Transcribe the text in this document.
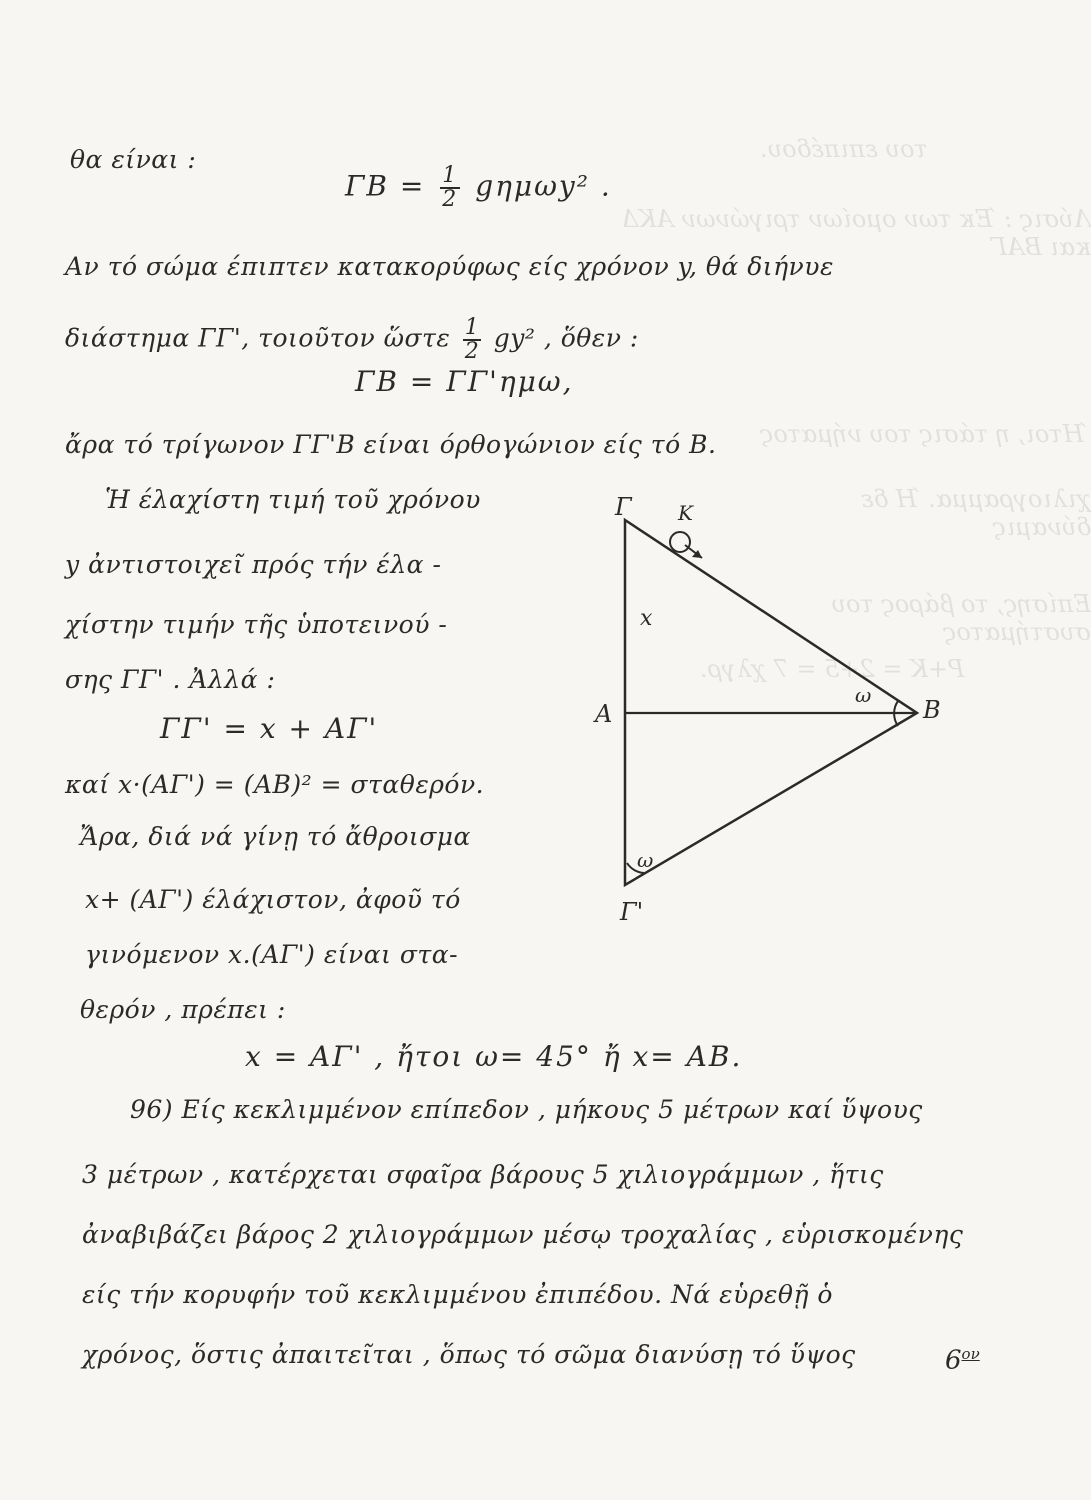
του επιπέδου.
Λύσις : Έκ των ομοίων τριγώνων ΑΚΔ και ΒΑΓ
Ήτοι, η τάσις του νήματος
χιλιογραμμα. Ή δε δύναμις
Επίσης, το βάρος του συστήματος
P+K = 2+5 = 7 χλγρ.
θα είναι :
$\Gamma B = \frac{1}{2} g\eta\mu\omega y^2$ .
Αν τό σώμα έπιπτεν κατακορύφως είς χρόνον y, θά διήνυε
διάστημα ΓΓ', τοιοῦτον ὥστε $\frac{1}{2} gy^2$ , ὅθεν :
ΓΒ = ΓΓ'ημω,
ἄρα τό τρίγωνον ΓΓ'Β είναι όρθογώνιον είς τό Β.
Ἡ έλαχίστη τιμή τοῦ χρόνου
y ἀντιστοιχεῖ πρός τήν έλα -
χίστην τιμήν τῆς ὑποτεινού -
σης ΓΓ' . Ἀλλά :
ΓΓ' = x + ΑΓ'
καί x·(ΑΓ') = (ΑΒ)² = σταθερόν.
Ἄρα, διά νά γίνῃ τό ἄθροισμα
x+ (ΑΓ') έλάχιστον, ἀφοῦ τό
γινόμενον x.(ΑΓ') είναι στα-
θερόν , πρέπει :
x = ΑΓ' , ἤτοι ω= 45° ἤ x= ΑΒ.
96) Είς κεκλιμμένον επίπεδον , μήκους 5 μέτρων καί ὕψους
3 μέτρων , κατέρχεται σφαῖρα βάρους 5 χιλιογράμμων , ἥτις
ἀναβιβάζει βάρος 2 χιλιογράμμων μέσῳ τροχαλίας , εὑρισκομένης
είς τήν κορυφήν τοῦ κεκλιμμένου ἐπιπέδου. Νά εὑρεθῇ ὁ
χρόνος, ὅστις ἀπαιτεῖται , ὅπως τό σῶμα διανύσῃ τό ὕψος
Γ K
x
A	B
ω
ω
Γ'
$6^{o\nu}$
